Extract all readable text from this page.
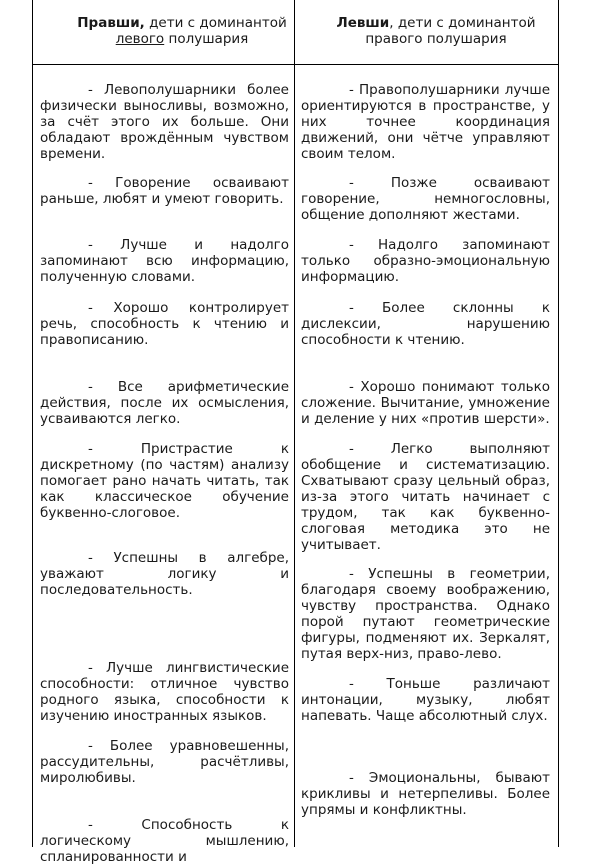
Правши, дети с доминантой
левого полушария
Левши, дети с доминантой
правого полушария

- Левополушарники более физически выносливы, возможно, за счёт этого их больше. Они обладают врождённым чувством времени.

- Говорение осваивают раньше, любят и умеют говорить.

- Лучше и надолго запоминают всю информацию, полученную словами.

- Хорошо контролирует речь, способность к чтению и правописанию.

- Все арифметические действия, после их осмысления, усваиваются легко.

- Пристрастие к дискретному (по частям) анализу помогает рано начать читать, так как классическое обучение буквенно-слоговое.

- Успешны в алгебре, уважают логику и последовательность.

- Лучше лингвистические способности: отличное чувство родного языка, способности к изучению иностранных языков.

- Более уравновешенны, рассудительны, расчётливы, миролюбивы.

- Способность к логическому мышлению, спланированности и

- Правополушарники лучше ориентируются в пространстве, у них точнее координация движений, они чётче управляют своим телом.

- Позже осваивают говорение, немногословны, общение дополняют жестами.

- Надолго запоминают только образно-эмоциональную информацию.

- Более склонны к дислексии, нарушению способности к чтению.

- Хорошо понимают только сложение. Вычитание, умножение и деление у них «против шерсти».

- Легко выполняют обобщение и систематизацию. Схватывают сразу цельный образ, из-за этого читать начинает с трудом, так как буквенно-слоговая методика это не учитывает.

- Успешны в геометрии, благодаря своему воображению, чувству пространства. Однако порой путают геометрические фигуры, подменяют их. Зеркалят, путая верх-низ, право-лево.

- Тоньше различают интонации, музыку, любят напевать. Чаще абсолютный слух.

- Эмоциональны, бывают крикливы и нетерпеливы. Более упрямы и конфликтны.
